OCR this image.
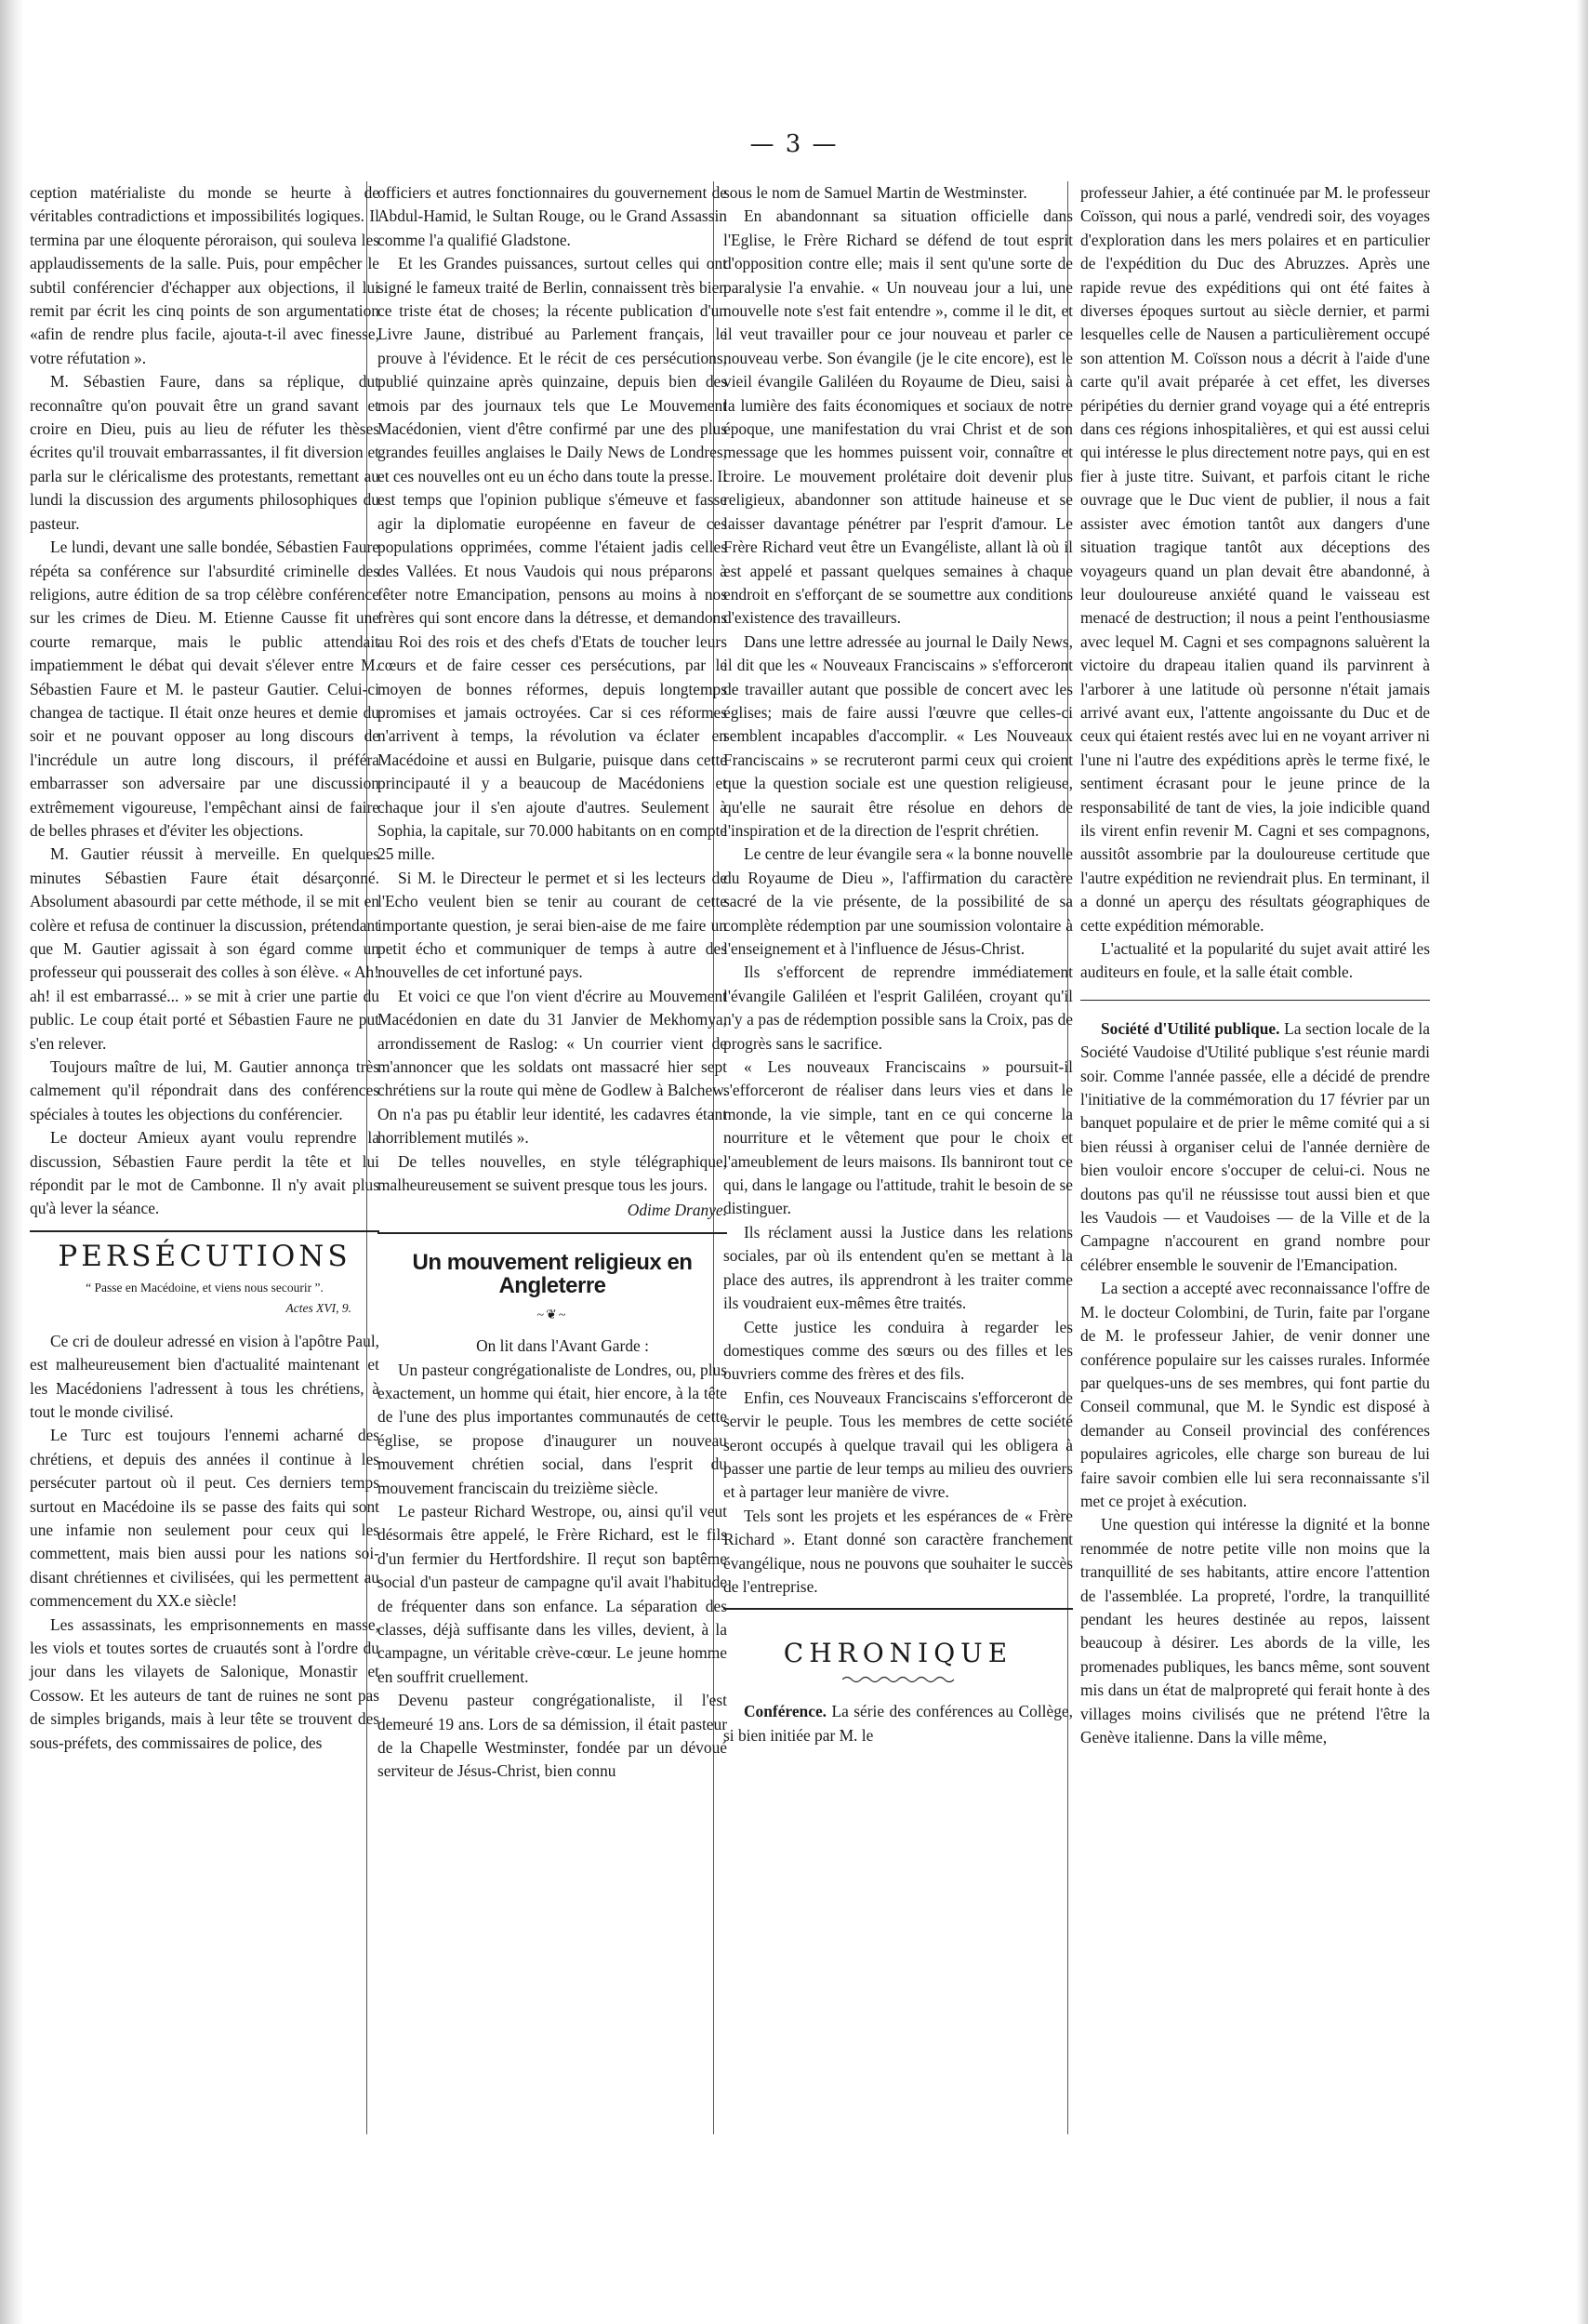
— 3 —

ception matérialiste du monde se heurte à de véritables contradictions et impossibilités logiques. Il termina par une éloquente péroraison, qui souleva les applaudissements de la salle. Puis, pour empêcher le subtil conférencier d'échapper aux objections, il lui remit par écrit les cinq points de son argumentation «afin de rendre plus facile, ajouta-t-il avec finesse, votre réfutation ».

M. Sébastien Faure, dans sa réplique, dut reconnaître qu'on pouvait être un grand savant et croire en Dieu, puis au lieu de réfuter les thèses écrites qu'il trouvait embarrassantes, il fit diversion et parla sur le cléricalisme des protestants, remettant au lundi la discussion des arguments philosophiques du pasteur.

Le lundi, devant une salle bondée, Sébastien Faure répéta sa conférence sur l'absurdité criminelle des religions, autre édition de sa trop célèbre conférence sur les crimes de Dieu. M. Etienne Causse fit une courte remarque, mais le public attendait impatiemment le débat qui devait s'élever entre M. Sébastien Faure et M. le pasteur Gautier. Celui-ci changea de tactique. Il était onze heures et demie du soir et ne pouvant opposer au long discours de l'incrédule un autre long discours, il préféra embarrasser son adversaire par une discussion extrêmement vigoureuse, l'empêchant ainsi de faire de belles phrases et d'éviter les objections.

M. Gautier réussit à merveille. En quelques minutes Sébastien Faure était désarçonné. Absolument abasourdi par cette méthode, il se mit en colère et refusa de continuer la discussion, prétendant que M. Gautier agissait à son égard comme un professeur qui pousserait des colles à son élève. « Ah! ah! il est embarrassé... » se mit à crier une partie du public. Le coup était porté et Sébastien Faure ne put s'en relever.

Toujours maître de lui, M. Gautier annonça très calmement qu'il répondrait dans des conférences spéciales à toutes les objections du conférencier.

Le docteur Amieux ayant voulu reprendre la discussion, Sébastien Faure perdit la tête et lui répondit par le mot de Cambonne. Il n'y avait plus qu'à lever la séance.

PERSÉCUTIONS
“ Passe en Macédoine, et viens nous secourir ”.
Actes XVI, 9.

Ce cri de douleur adressé en vision à l'apôtre Paul, est malheureusement bien d'actualité maintenant et les Macédoniens l'adressent à tous les chrétiens, à tout le monde civilisé.

Le Turc est toujours l'ennemi acharné des chrétiens, et depuis des années il continue à les persécuter partout où il peut. Ces derniers temps surtout en Macédoine ils se passe des faits qui sont une infamie non seulement pour ceux qui les commettent, mais bien aussi pour les nations soi-disant chrétiennes et civilisées, qui les permettent au commencement du XX.e siècle!

Les assassinats, les emprisonnements en masse, les viols et toutes sortes de cruautés sont à l'ordre du jour dans les vilayets de Salonique, Monastir et Cossow. Et les auteurs de tant de ruines ne sont pas de simples brigands, mais à leur tête se trouvent des sous-préfets, des commissaires de police, des

officiers et autres fonctionnaires du gouvernement de Abdul-Hamid, le Sultan Rouge, ou le Grand Assassin comme l'a qualifié Gladstone.

Et les Grandes puissances, surtout celles qui ont signé le fameux traité de Berlin, connaissent très bien ce triste état de choses; la récente publication d'un Livre Jaune, distribué au Parlement français, le prouve à l'évidence. Et le récit de ces persécutions, publié quinzaine après quinzaine, depuis bien des mois par des journaux tels que Le Mouvement Macédonien, vient d'être confirmé par une des plus grandes feuilles anglaises le Daily News de Londres, et ces nouvelles ont eu un écho dans toute la presse. Il est temps que l'opinion publique s'émeuve et fasse agir la diplomatie européenne en faveur de ces populations opprimées, comme l'étaient jadis celles des Vallées. Et nous Vaudois qui nous préparons à fêter notre Emancipation, pensons au moins à nos frères qui sont encore dans la détresse, et demandons au Roi des rois et des chefs d'Etats de toucher leurs cœurs et de faire cesser ces persécutions, par le moyen de bonnes réformes, depuis longtemps promises et jamais octroyées. Car si ces réformes n'arrivent à temps, la révolution va éclater en Macédoine et aussi en Bulgarie, puisque dans cette principauté il y a beaucoup de Macédoniens et chaque jour il s'en ajoute d'autres. Seulement à Sophia, la capitale, sur 70.000 habitants on en compte 25 mille.

Si M. le Directeur le permet et si les lecteurs de l'Echo veulent bien se tenir au courant de cette importante question, je serai bien-aise de me faire un petit écho et communiquer de temps à autre des nouvelles de cet infortuné pays.

Et voici ce que l'on vient d'écrire au Mouvement Macédonien en date du 31 Janvier de Mekhomya, arrondissement de Raslog: « Un courrier vient de m'annoncer que les soldats ont massacré hier sept chrétiens sur la route qui mène de Godlew à Balchew. On n'a pas pu établir leur identité, les cadavres étant horriblement mutilés ».

De telles nouvelles, en style télégraphique, malheureusement se suivent presque tous les jours.

Odime Dranye.
Un mouvement religieux en Angleterre
~❦~

On lit dans l'Avant Garde :

Un pasteur congrégationaliste de Londres, ou, plus exactement, un homme qui était, hier encore, à la tête de l'une des plus importantes communautés de cette église, se propose d'inaugurer un nouveau mouvement chrétien social, dans l'esprit du mouvement franciscain du treizième siècle.

Le pasteur Richard Westrope, ou, ainsi qu'il veut désormais être appelé, le Frère Richard, est le fils d'un fermier du Hertfordshire. Il reçut son baptême social d'un pasteur de campagne qu'il avait l'habitude de fréquenter dans son enfance. La séparation des classes, déjà suffisante dans les villes, devient, à la campagne, un véritable crève-cœur. Le jeune homme en souffrit cruellement.

Devenu pasteur congrégationaliste, il l'est demeuré 19 ans. Lors de sa démission, il était pasteur de la Chapelle Westminster, fondée par un dévoué serviteur de Jésus-Christ, bien connu

sous le nom de Samuel Martin de Westminster.

En abandonnant sa situation officielle dans l'Eglise, le Frère Richard se défend de tout esprit d'opposition contre elle; mais il sent qu'une sorte de paralysie l'a envahie. « Un nouveau jour a lui, une nouvelle note s'est fait entendre », comme il le dit, et il veut travailler pour ce jour nouveau et parler ce nouveau verbe. Son évangile (je le cite encore), est le vieil évangile Galiléen du Royaume de Dieu, saisi à la lumière des faits économiques et sociaux de notre époque, une manifestation du vrai Christ et de son message que les hommes puissent voir, connaître et croire. Le mouvement prolétaire doit devenir plus religieux, abandonner son attitude haineuse et se laisser davantage pénétrer par l'esprit d'amour. Le Frère Richard veut être un Evangéliste, allant là où il est appelé et passant quelques semaines à chaque endroit en s'efforçant de se soumettre aux conditions d'existence des travailleurs.

Dans une lettre adressée au journal le Daily News, il dit que les « Nouveaux Franciscains » s'efforceront de travailler autant que possible de concert avec les églises; mais de faire aussi l'œuvre que celles-ci semblent incapables d'accomplir. « Les Nouveaux Franciscains » se recruteront parmi ceux qui croient que la question sociale est une question religieuse, qu'elle ne saurait être résolue en dehors de l'inspiration et de la direction de l'esprit chrétien.

Le centre de leur évangile sera « la bonne nouvelle du Royaume de Dieu », l'affirmation du caractère sacré de la vie présente, de la possibilité de sa complète rédemption par une soumission volontaire à l'enseignement et à l'influence de Jésus-Christ.

Ils s'efforcent de reprendre immédiatement l'évangile Galiléen et l'esprit Galiléen, croyant qu'il n'y a pas de rédemption possible sans la Croix, pas de progrès sans le sacrifice.

« Les nouveaux Franciscains » poursuit-il s'efforceront de réaliser dans leurs vies et dans le monde, la vie simple, tant en ce qui concerne la nourriture et le vêtement que pour le choix et l'ameublement de leurs maisons. Ils banniront tout ce qui, dans le langage ou l'attitude, trahit le besoin de se distinguer.

Ils réclament aussi la Justice dans les relations sociales, par où ils entendent qu'en se mettant à la place des autres, ils apprendront à les traiter comme ils voudraient eux-mêmes être traités.

Cette justice les conduira à regarder les domestiques comme des sœurs ou des filles et les ouvriers comme des frères et des fils.

Enfin, ces Nouveaux Franciscains s'efforceront de servir le peuple. Tous les membres de cette société seront occupés à quelque travail qui les obligera à passer une partie de leur temps au milieu des ouvriers et à partager leur manière de vivre.

Tels sont les projets et les espérances de « Frère Richard ». Etant donné son caractère franchement évangélique, nous ne pouvons que souhaiter le succès de l'entreprise.

CHRONIQUE

Conférence. La série des conférences au Collège, si bien initiée par M. le

professeur Jahier, a été continuée par M. le professeur Coïsson, qui nous a parlé, vendredi soir, des voyages d'exploration dans les mers polaires et en particulier de l'expédition du Duc des Abruzzes. Après une rapide revue des expéditions qui ont été faites à diverses époques surtout au siècle dernier, et parmi lesquelles celle de Nausen a particulièrement occupé son attention M. Coïsson nous a décrit à l'aide d'une carte qu'il avait préparée à cet effet, les diverses péripéties du dernier grand voyage qui a été entrepris dans ces régions inhospitalières, et qui est aussi celui qui intéresse le plus directement notre pays, qui en est fier à juste titre. Suivant, et parfois citant le riche ouvrage que le Duc vient de publier, il nous a fait assister avec émotion tantôt aux dangers d'une situation tragique tantôt aux déceptions des voyageurs quand un plan devait être abandonné, à leur douloureuse anxiété quand le vaisseau est menacé de destruction; il nous a peint l'enthousiasme avec lequel M. Cagni et ses compagnons saluèrent la victoire du drapeau italien quand ils parvinrent à l'arborer à une latitude où personne n'était jamais arrivé avant eux, l'attente angoissante du Duc et de ceux qui étaient restés avec lui en ne voyant arriver ni l'une ni l'autre des expéditions après le terme fixé, le sentiment écrasant pour le jeune prince de la responsabilité de tant de vies, la joie indicible quand ils virent enfin revenir M. Cagni et ses compagnons, aussitôt assombrie par la douloureuse certitude que l'autre expédition ne reviendrait plus. En terminant, il a donné un aperçu des résultats géographiques de cette expédition mémorable.

L'actualité et la popularité du sujet avait attiré les auditeurs en foule, et la salle était comble.

Société d'Utilité publique. La section locale de la Société Vaudoise d'Utilité publique s'est réunie mardi soir. Comme l'année passée, elle a décidé de prendre l'initiative de la commémoration du 17 février par un banquet populaire et de prier le même comité qui a si bien réussi à organiser celui de l'année dernière de bien vouloir encore s'occuper de celui-ci. Nous ne doutons pas qu'il ne réussisse tout aussi bien et que les Vaudois — et Vaudoises — de la Ville et de la Campagne n'accourent en grand nombre pour célébrer ensemble le souvenir de l'Emancipation.

La section a accepté avec reconnaissance l'offre de M. le docteur Colombini, de Turin, faite par l'organe de M. le professeur Jahier, de venir donner une conférence populaire sur les caisses rurales. Informée par quelques-uns de ses membres, qui font partie du Conseil communal, que M. le Syndic est disposé à demander au Conseil provincial des conférences populaires agricoles, elle charge son bureau de lui faire savoir combien elle lui sera reconnaissante s'il met ce projet à exécution.

Une question qui intéresse la dignité et la bonne renommée de notre petite ville non moins que la tranquillité de ses habitants, attire encore l'attention de l'assemblée. La propreté, l'ordre, la tranquillité pendant les heures destinée au repos, laissent beaucoup à désirer. Les abords de la ville, les promenades publiques, les bancs même, sont souvent mis dans un état de malpropreté qui ferait honte à des villages moins civilisés que ne prétend l'être la Genève italienne. Dans la ville même,
